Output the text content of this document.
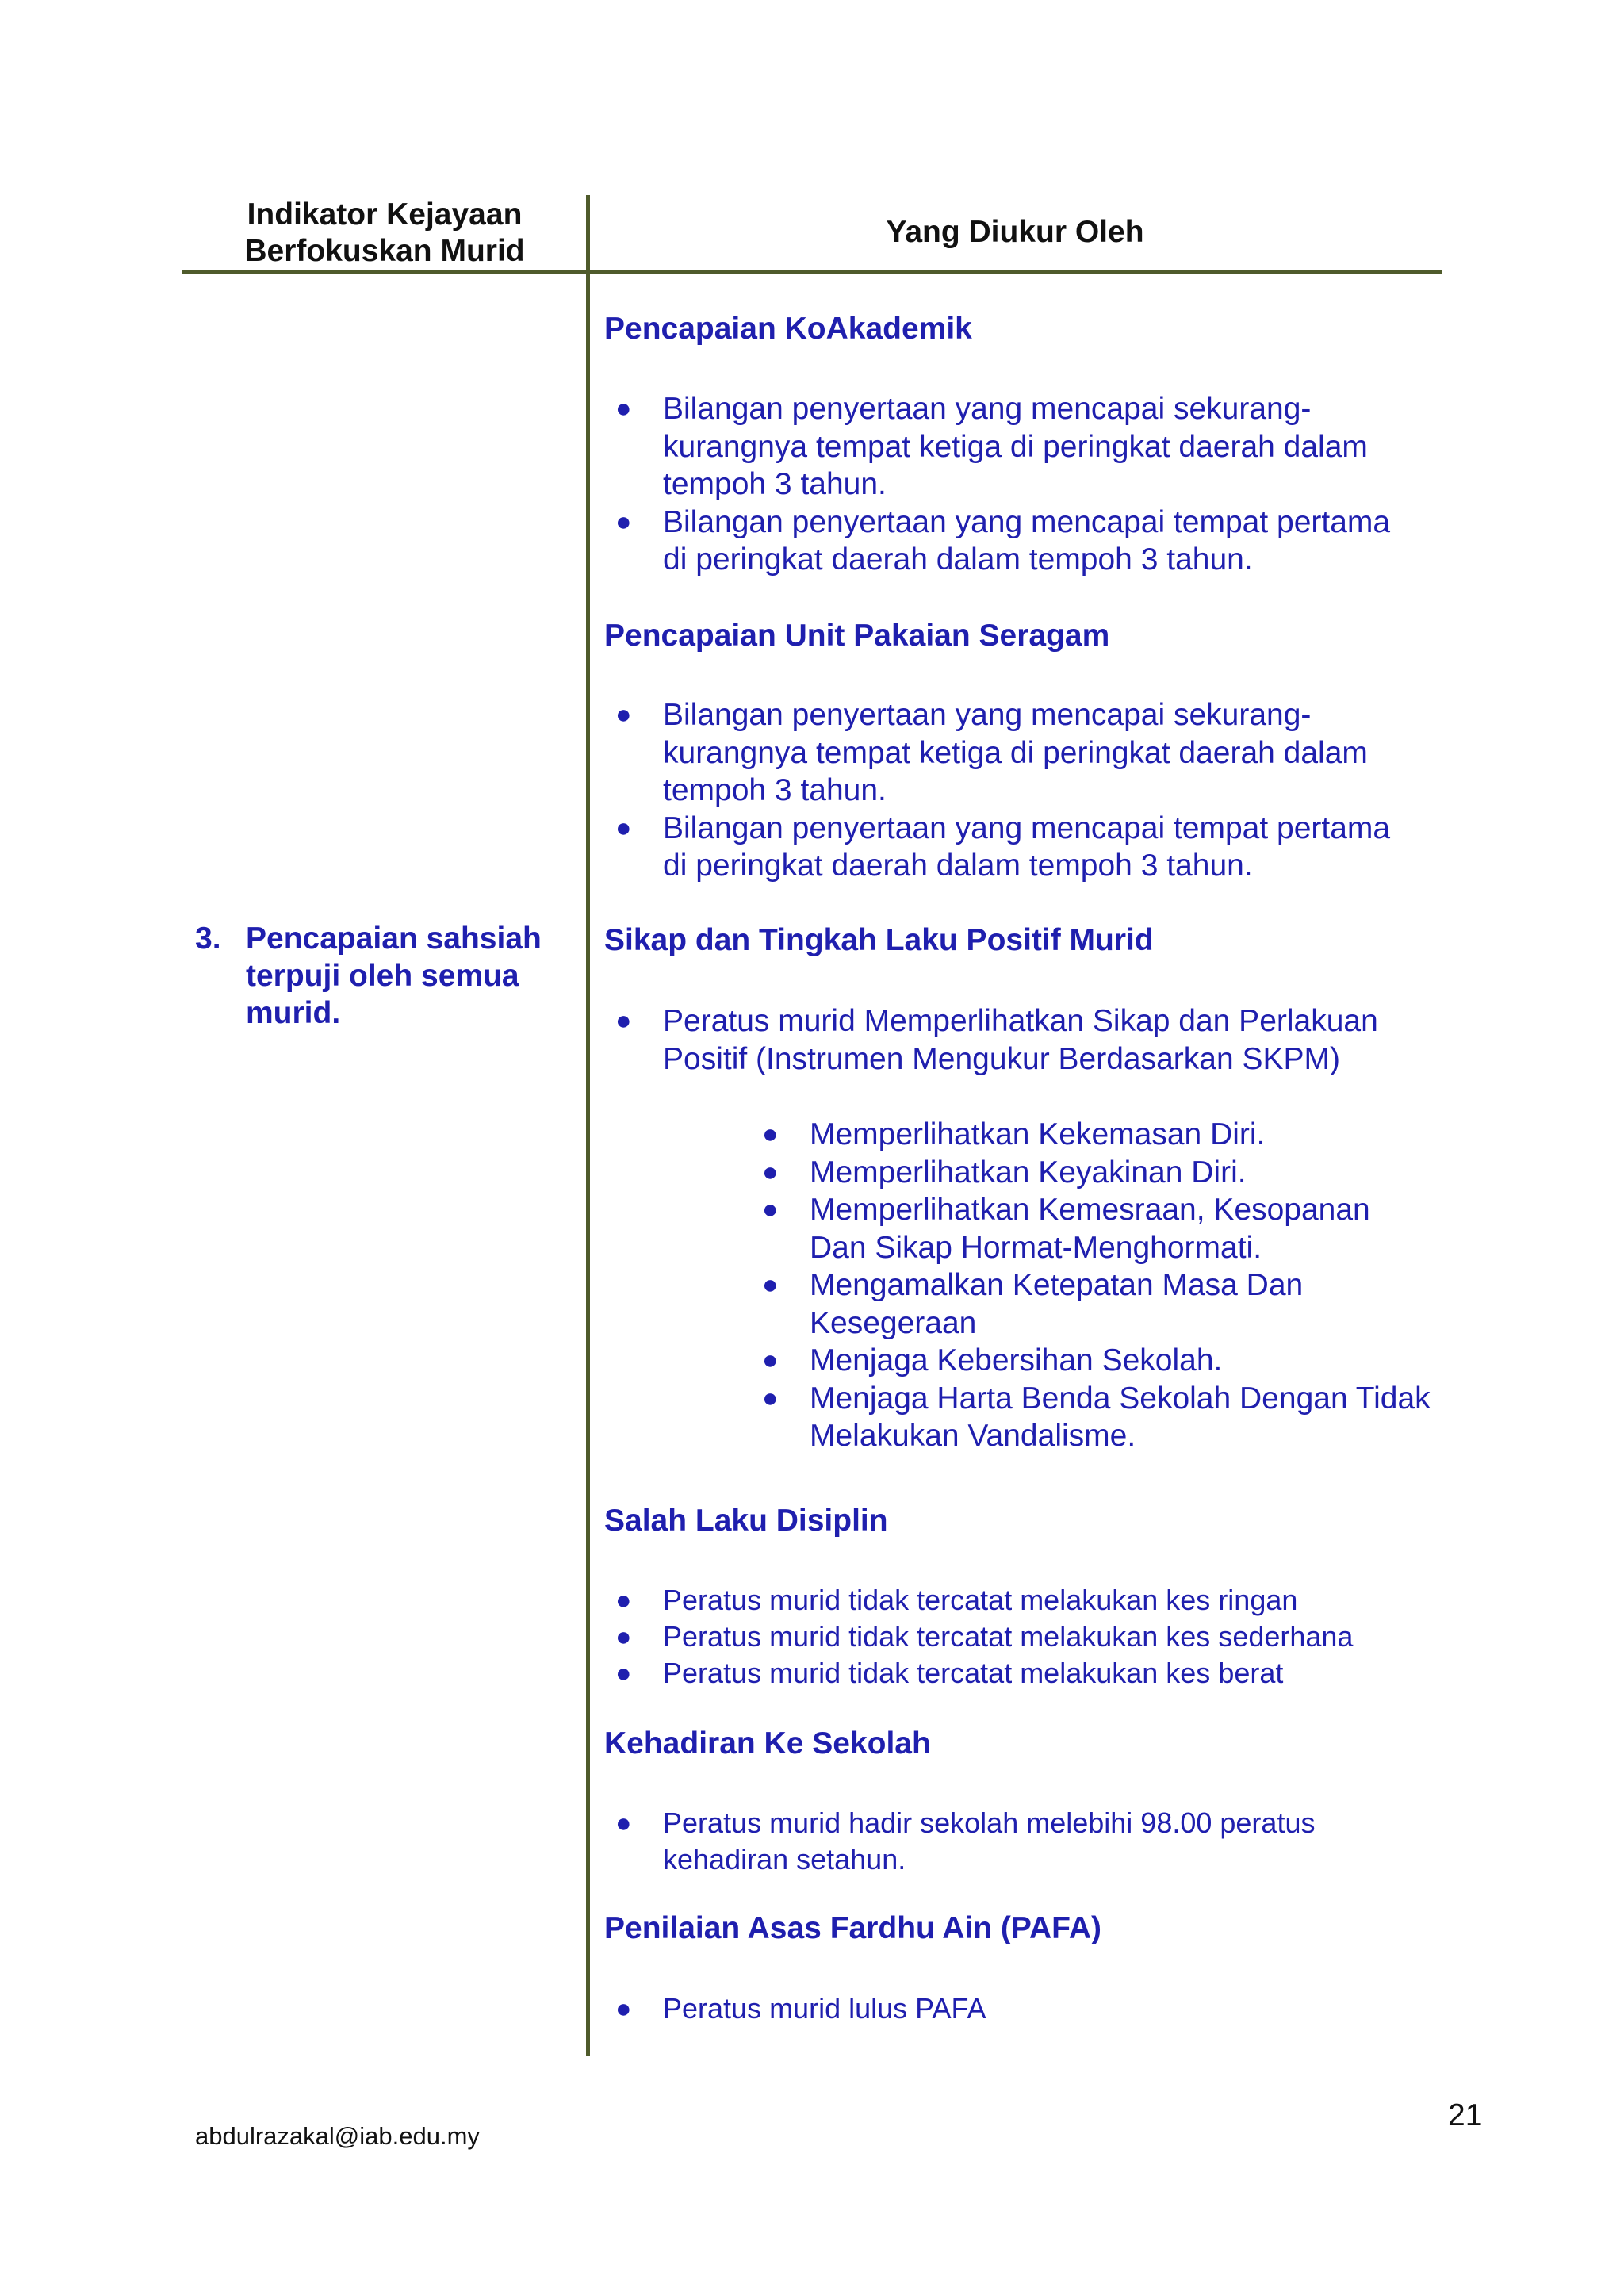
Indikator Kejayaan
Berfokuskan Murid
Yang Diukur Oleh
3. Pencapaian sahsiah terpuji oleh semua murid.
Pencapaian KoAkademik
● Bilangan penyertaan yang mencapai sekurang-kurangnya tempat ketiga di peringkat daerah dalam tempoh 3 tahun.
● Bilangan penyertaan yang mencapai tempat pertama di peringkat daerah dalam tempoh 3 tahun.
Pencapaian Unit Pakaian Seragam
● Bilangan penyertaan yang mencapai sekurang-kurangnya tempat ketiga di peringkat daerah dalam tempoh 3 tahun.
● Bilangan penyertaan yang mencapai tempat pertama di peringkat daerah dalam tempoh 3 tahun.
Sikap dan Tingkah Laku Positif Murid
● Peratus murid Memperlihatkan Sikap dan Perlakuan Positif (Instrumen Mengukur Berdasarkan SKPM)
● Memperlihatkan Kekemasan Diri.
● Memperlihatkan Keyakinan Diri.
● Memperlihatkan Kemesraan, Kesopanan Dan Sikap Hormat-Menghormati.
● Mengamalkan Ketepatan Masa Dan Kesegeraan
● Menjaga Kebersihan Sekolah.
● Menjaga Harta Benda Sekolah Dengan Tidak Melakukan Vandalisme.
Salah Laku Disiplin
● Peratus murid tidak tercatat melakukan kes ringan
● Peratus murid tidak tercatat melakukan kes sederhana
● Peratus murid tidak tercatat melakukan kes berat
Kehadiran Ke Sekolah
● Peratus murid hadir sekolah melebihi 98.00 peratus kehadiran setahun.
Penilaian Asas Fardhu Ain (PAFA)
● Peratus murid lulus PAFA
abdulrazakal@iab.edu.my
21
